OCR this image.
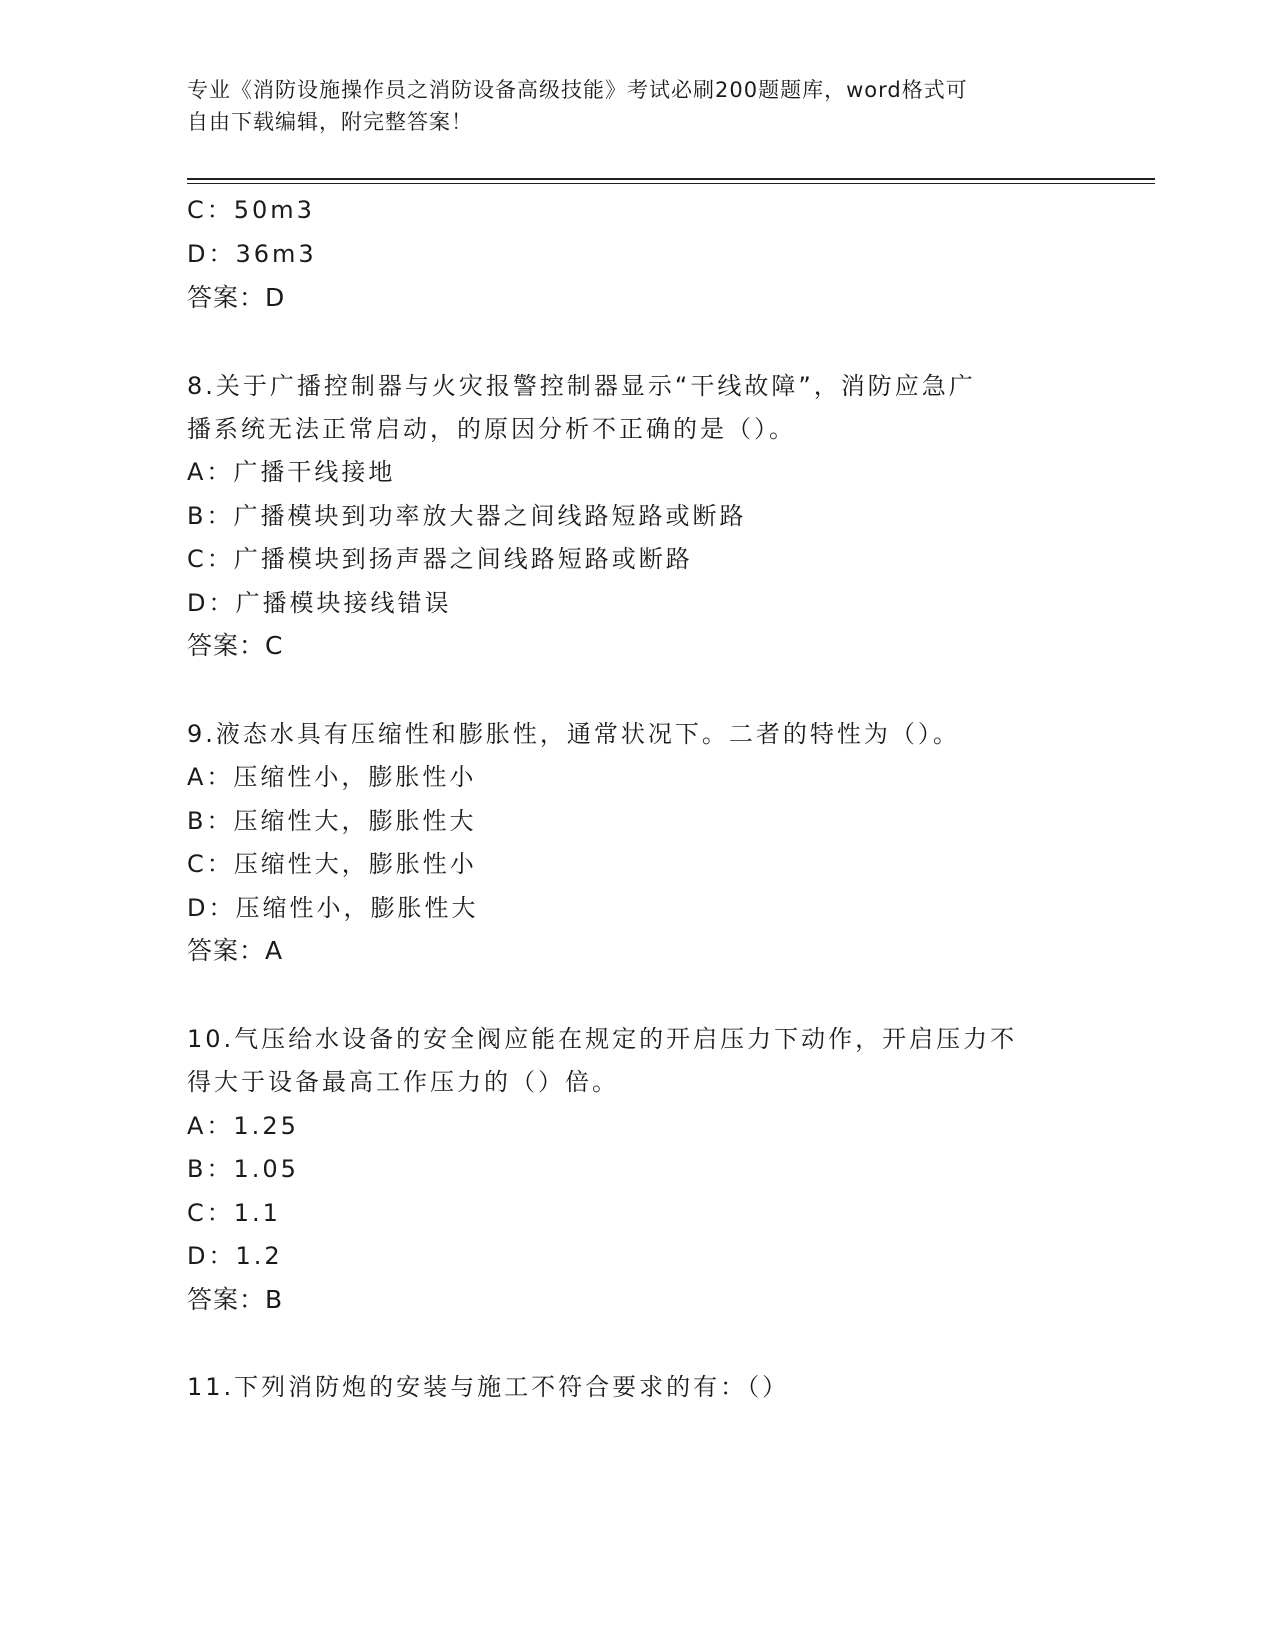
专业《消防设施操作员之消防设备高级技能》考试必刷200题题库，word格式可
自由下载编辑，附完整答案！
C：50m3
D：36m3
答案：D
8.关于广播控制器与火灾报警控制器显示“干线故障”，消防应急广
播系统无法正常启动，的原因分析不正确的是（）。
A：广播干线接地
B：广播模块到功率放大器之间线路短路或断路
C：广播模块到扬声器之间线路短路或断路
D：广播模块接线错误
答案：C
9.液态水具有压缩性和膨胀性，通常状况下。二者的特性为（）。
A：压缩性小，膨胀性小
B：压缩性大，膨胀性大
C：压缩性大，膨胀性小
D：压缩性小，膨胀性大
答案：A
10.气压给水设备的安全阀应能在规定的开启压力下动作，开启压力不
得大于设备最高工作压力的（）倍。
A：1.25
B：1.05
C：1.1
D：1.2
答案：B
11.下列消防炮的安装与施工不符合要求的有：（）
